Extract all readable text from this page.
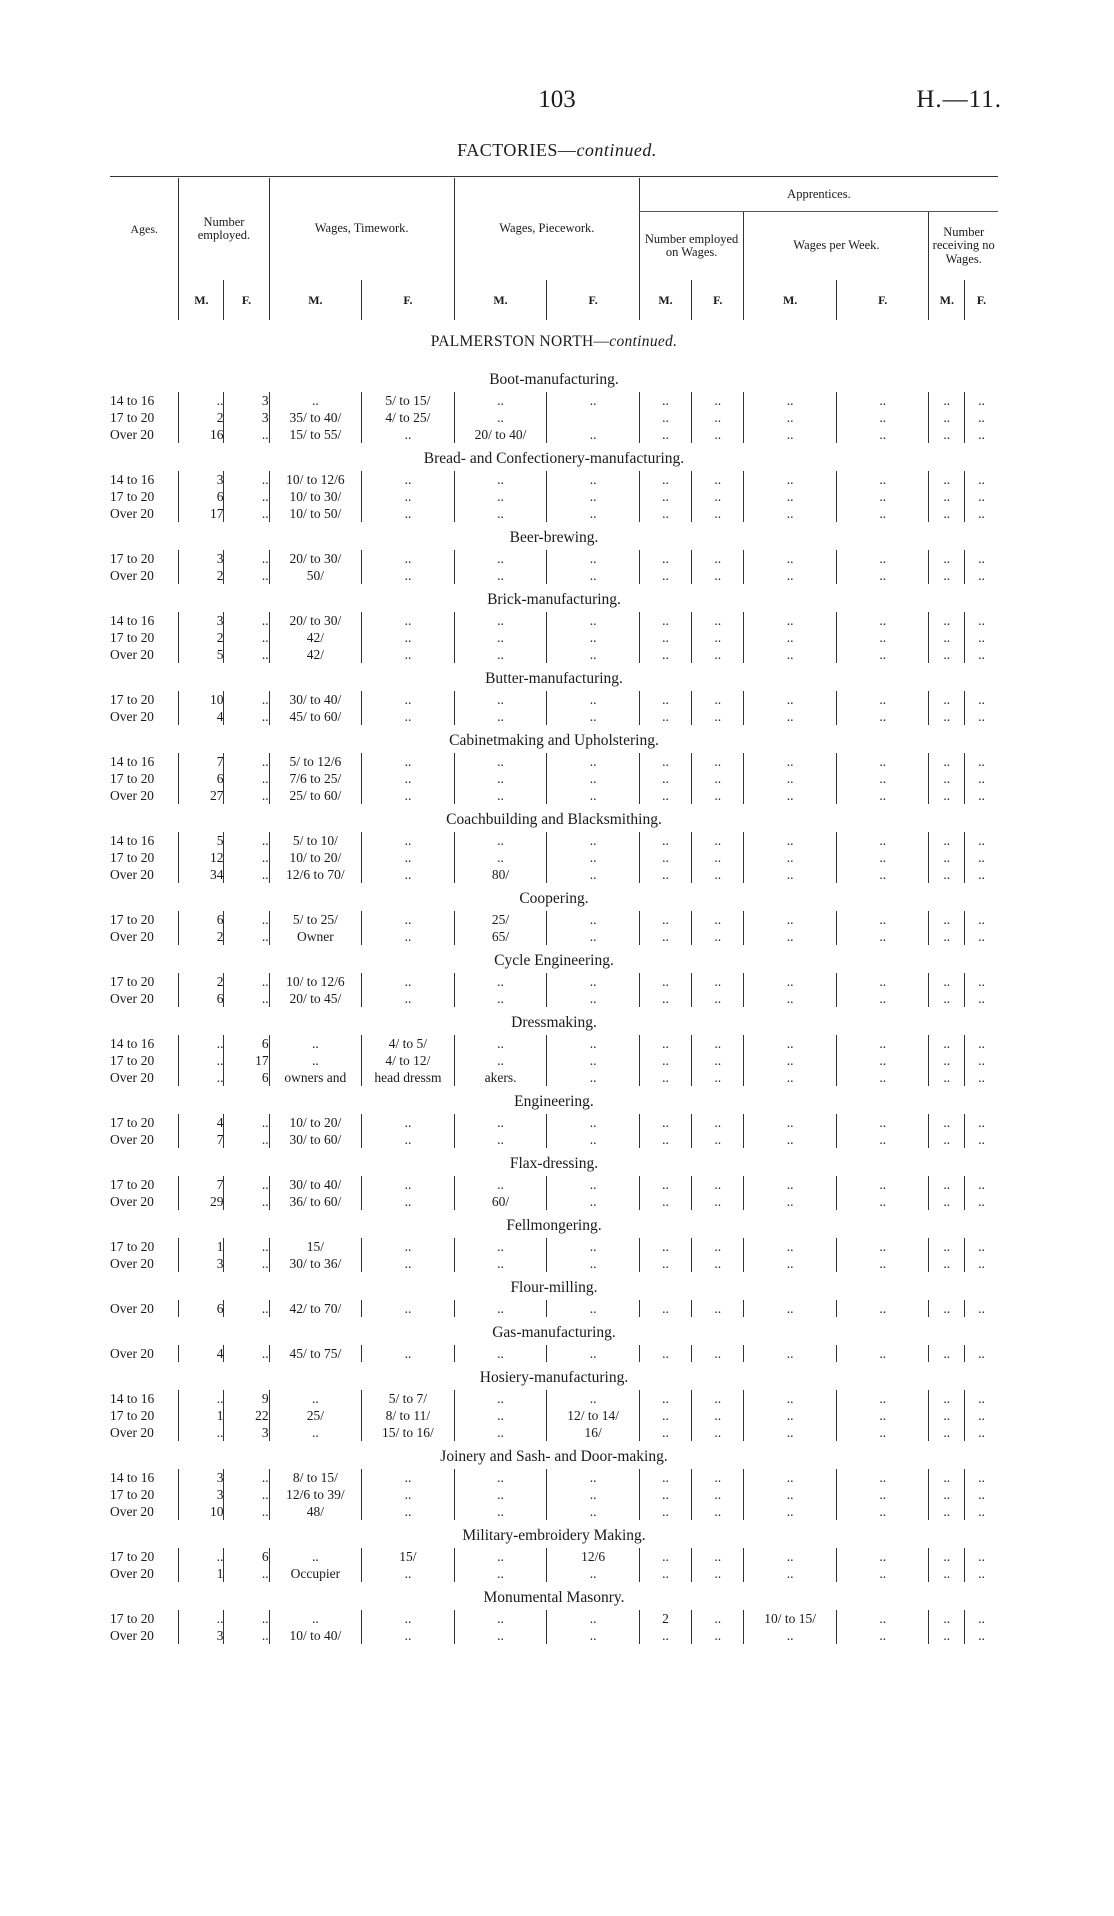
103	H.—11.
FACTORIES—continued.
Ages.	Number employed.		Wages, Timework.		Wages, Piecework.		Apprentices.					
							Number employed on Wages.		Wages per Week.		Number receiving no Wages.	
	M.	F.	M.	F.	M.	F.	M.	F.	M.	F.	M.	F.
PALMERSTON NORTH—continued.												
Boot-manufacturing.												
14 to 16	..	3	..	5/ to 15/	..	..	..	..	..	..	..	..
17 to 20	2	3	35/ to 40/	4/ to 25/	..		..	..	..	..	..	..
Over 20	16	..	15/ to 55/	..	20/ to 40/	..	..	..	..	..	..	..
Bread- and Confectionery-manufacturing.												
14 to 16	3	..	10/ to 12/6	..	..	..	..	..	..	..	..	..
17 to 20	6	..	10/ to 30/	..	..	..	..	..	..	..	..	..
Over 20	17	..	10/ to 50/	..	..	..	..	..	..	..	..	..
Beer-brewing.												
17 to 20	3	..	20/ to 30/	..	..	..	..	..	..	..	..	..
Over 20	2	..	50/	..	..	..	..	..	..	..	..	..
Brick-manufacturing.												
14 to 16	3	..	20/ to 30/	..	..	..	..	..	..	..	..	..
17 to 20	2	..	42/	..	..	..	..	..	..	..	..	..
Over 20	5	..	42/	..	..	..	..	..	..	..	..	..
Butter-manufacturing.												
17 to 20	10	..	30/ to 40/	..	..	..	..	..	..	..	..	..
Over 20	4	..	45/ to 60/	..	..	..	..	..	..	..	..	..
Cabinetmaking and Upholstering.												
14 to 16	7	..	5/ to 12/6	..	..	..	..	..	..	..	..	..
17 to 20	6	..	7/6 to 25/	..	..	..	..	..	..	..	..	..
Over 20	27	..	25/ to 60/	..	..	..	..	..	..	..	..	..
Coachbuilding and Blacksmithing.												
14 to 16	5	..	5/ to 10/	..	..	..	..	..	..	..	..	..
17 to 20	12	..	10/ to 20/	..	..	..	..	..	..	..	..	..
Over 20	34	..	12/6 to 70/	..	80/	..	..	..	..	..	..	..
Coopering.												
17 to 20	6	..	5/ to 25/	..	25/	..	..	..	..	..	..	..
Over 20	2	..	Owner	..	65/	..	..	..	..	..	..	..
Cycle Engineering.												
17 to 20	2	..	10/ to 12/6	..	..	..	..	..	..	..	..	..
Over 20	6	..	20/ to 45/	..	..	..	..	..	..	..	..	..
Dressmaking.												
14 to 16	..	6	..	4/ to 5/	..	..	..	..	..	..	..	..
17 to 20	..	17	..	4/ to 12/	..	..	..	..	..	..	..	..
Over 20	..	6	owners and	head dressm	akers.	..	..	..	..	..	..	..
Engineering.												
17 to 20	4	..	10/ to 20/	..	..	..	..	..	..	..	..	..
Over 20	7	..	30/ to 60/	..	..	..	..	..	..	..	..	..
Flax-dressing.												
17 to 20	7	..	30/ to 40/	..	..	..	..	..	..	..	..	..
Over 20	29	..	36/ to 60/	..	60/	..	..	..	..	..	..	..
Fellmongering.												
17 to 20	1	..	15/	..	..	..	..	..	..	..	..	..
Over 20	3	..	30/ to 36/	..	..	..	..	..	..	..	..	..
Flour-milling.												
Over 20	6	..	42/ to 70/	..	..	..	..	..	..	..	..	..
Gas-manufacturing.												
Over 20	4	..	45/ to 75/	..	..	..	..	..	..	..	..	..
Hosiery-manufacturing.												
14 to 16	..	9	..	5/ to 7/	..	..	..	..	..	..	..	..
17 to 20	1	22	25/	8/ to 11/	..	12/ to 14/	..	..	..	..	..	..
Over 20	..	3	..	15/ to 16/	..	16/	..	..	..	..	..	..
Joinery and Sash- and Door-making.												
14 to 16	3	..	8/ to 15/	..	..	..	..	..	..	..	..	..
17 to 20	3	..	12/6 to 39/	..	..	..	..	..	..	..	..	..
Over 20	10	..	48/	..	..	..	..	..	..	..	..	..
Military-embroidery Making.												
17 to 20	..	6	..	15/	..	12/6	..	..	..	..	..	..
Over 20	1	..	Occupier	..	..	..	..	..	..	..	..	..
Monumental Masonry.												
17 to 20	..	..	..	..	..	..	2	..	10/ to 15/	..	..	..
Over 20	3	..	10/ to 40/	..	..	..	..	..	..	..	..	..
